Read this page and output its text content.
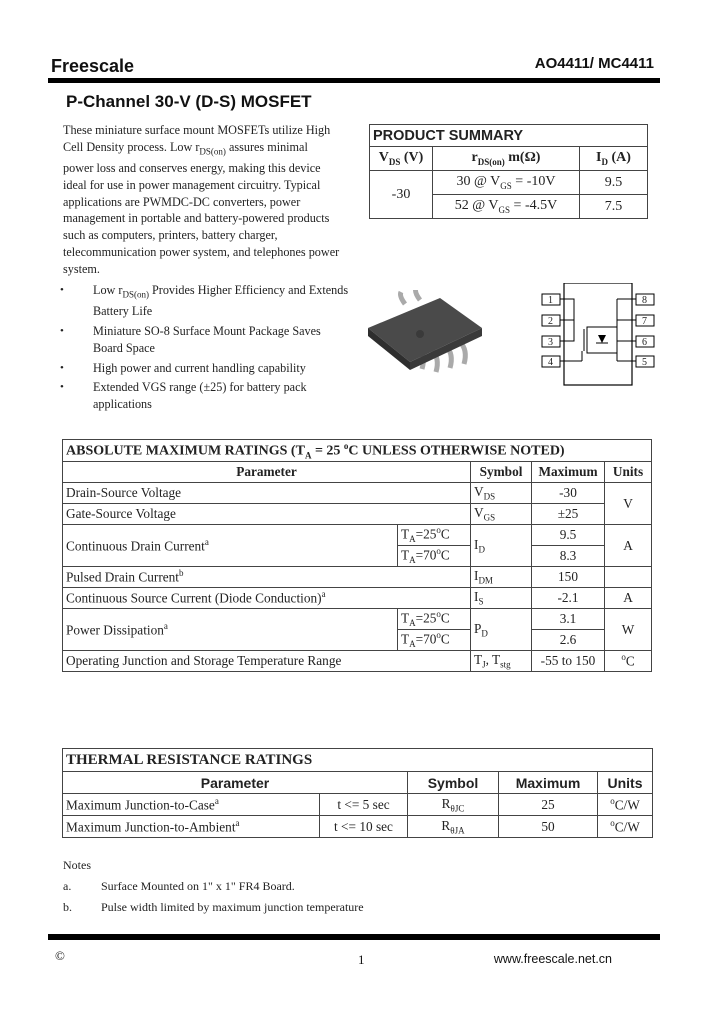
Freescale	AO4411/ MC4411
P-Channel 30-V (D-S) MOSFET
These miniature surface mount MOSFETs utilize High Cell Density process. Low $r_{DS(on)}$ assures minimal power loss and conserves energy, making this device ideal for use in power management circuitry. Typical applications are PWMDC-DC converters, power management in portable and battery-powered products such as computers, printers, battery charger, telecommunication power system, and telephones power system.
• Low $r_{DS(on)}$ Provides Higher Efficiency and Extends Battery Life
• Miniature SO-8 Surface Mount Package Saves Board Space
• High power and current handling capability
• Extended VGS range (±25) for battery pack applications
PRODUCT SUMMARY		
$V_{DS}$ (V)	$r_{DS(on)}$ m(Ω)	$I_D$ (A)
-30	30 @ $V_{GS} = -10V$	9.5
	52 @ $V_{GS} = -4.5V$	7.5
1
2
3
4
8
7
6
5
ABSOLUTE MAXIMUM RATINGS ($T_A = 25$ $^o$C UNLESS OTHERWISE NOTED)				
Parameter		Symbol	Maximum	Units
Drain-Source Voltage		$V_{DS}$	-30	V
Gate-Source Voltage		$V_{GS}$	±25	
Continuous Drain Current$^a$	$T_A=25^oC$	$I_D$	9.5	A
	$T_A=70^oC$		8.3	
Pulsed Drain Current$^b$		$I_{DM}$	150	
Continuous Source Current (Diode Conduction)$^a$		$I_S$	-2.1	A
Power Dissipation$^a$	$T_A=25^oC$	$P_D$	3.1	W
	$T_A=70^oC$		2.6	
Operating Junction and Storage Temperature Range		$T_J$, $T_{stg}$	-55 to 150	$^o$C
THERMAL RESISTANCE RATINGS				
Parameter		Symbol	Maximum	Units
Maximum Junction-to-Case$^a$	t <= 5 sec	$R_{\theta JC}$	25	$^o$C/W
Maximum Junction-to-Ambient$^a$	t <= 10 sec	$R_{\theta JA}$	50	$^o$C/W
Notes
a.	Surface Mounted on 1" x 1" FR4 Board.
b.	Pulse width limited by maximum junction temperature
©	1	www.freescale.net.cn
